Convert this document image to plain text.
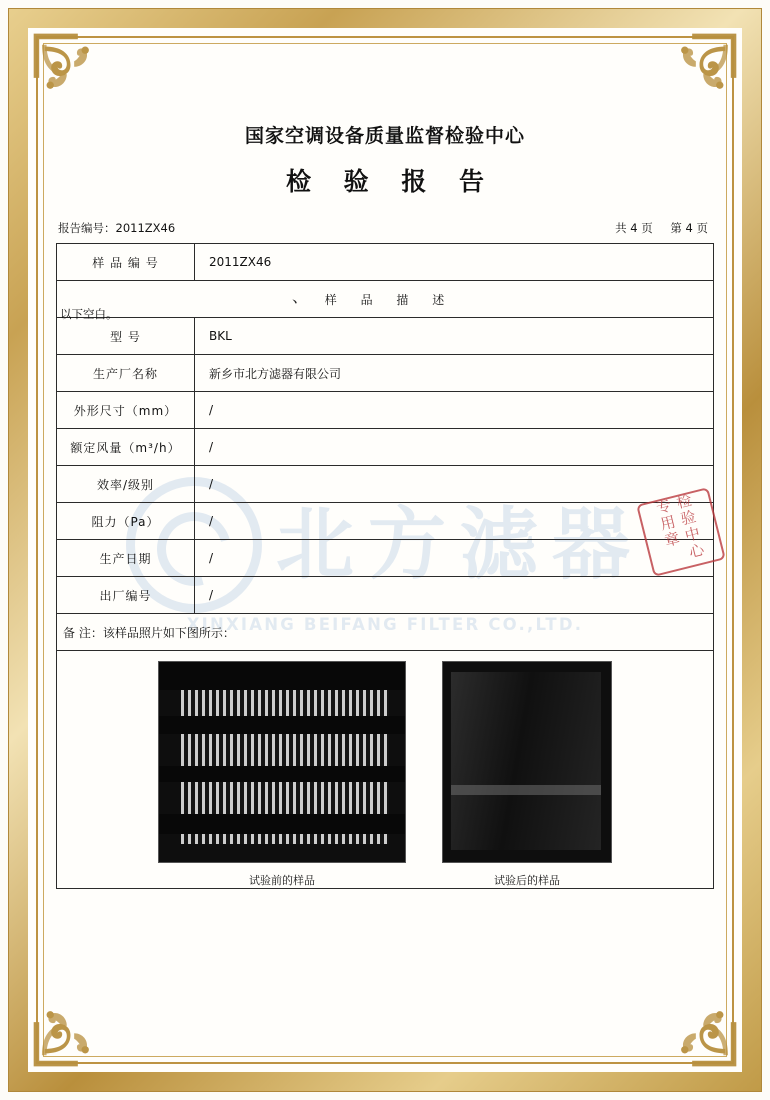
北方滤器
XINXIANG BEIFANG FILTER CO.,LTD.
检验中心专用章
国家空调设备质量监督检验中心
检 验 报 告
报告编号：2011ZX46	共 4 页 第 4 页
样 品 编 号	2011ZX46
样 品 描 述	
型 号	BKL
生产厂名称	新乡市北方滤器有限公司
外形尺寸（mm）	/
额定风量（m³/h）	/
效率/级别	/
阻力（Pa）	/
生产日期	/
出厂编号	/
备 注：该样品照片如下图所示：	

试验前的样品 试验后的样品
、
以下空白。	
